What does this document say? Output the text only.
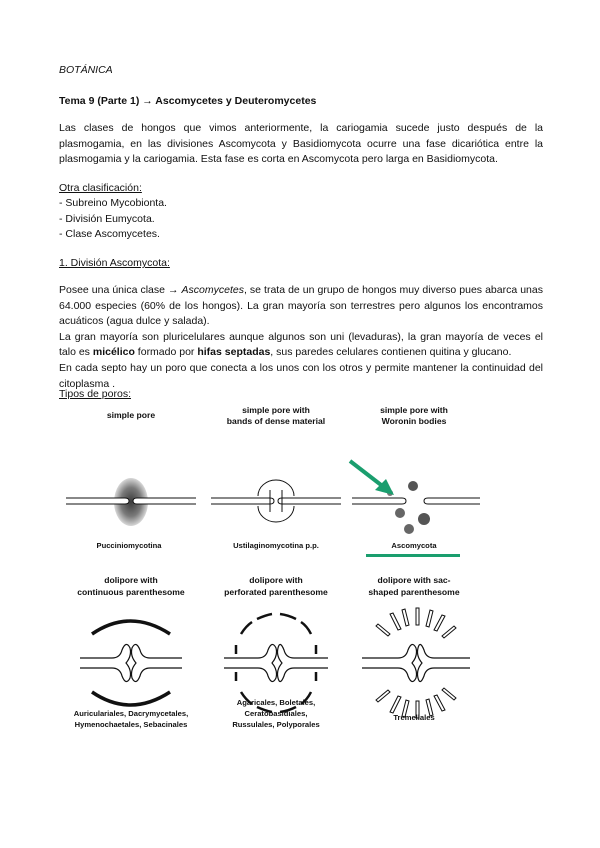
BOTÁNICA
Tema 9 (Parte 1) → Ascomycetes y Deuteromycetes

Las clases de hongos que vimos anteriormente, la cariogamia sucede justo después de la plasmogamia, en las divisiones Ascomycota y Basidiomycota ocurre una fase dicariótica entre la plasmogamia y la cariogamia. Esta fase es corta en Ascomycota pero larga en Basidiomycota.

Otra clasificación:
- Subreino Mycobionta.
- División Eumycota.
- Clase Ascomycetes.
1. División Ascomycota:

Posee una única clase → Ascomycetes, se trata de un grupo de hongos muy diverso pues abarca unas 64.000 especies (60% de los hongos). La gran mayoría son terrestres pero algunos los encontramos acuáticos (agua dulce y salada).

La gran mayoría son pluricelulares aunque algunos son uni (levaduras), la gran mayoría de veces el talo es micélico formado por hifas septadas, sus paredes celulares contienen quitina y glucano.

En cada septo hay un poro que conecta a los unos con los otros y permite mantener la continuidad del citoplasma .

Tipos de poros:
simple pore	simple pore with
bands of dense material
simple pore with
Woronin bodies
Pucciniomycotina	Ustilaginomycotina p.p.	Ascomycota
dolipore with
continuous parenthesome
dolipore with
perforated parenthesome
dolipore with sac-
shaped parenthesome
Auriculariales, Dacrymycetales,
Hymenochaetales, Sebacinales
Agaricales, Boletales,
Ceratobasidiales,
Russulales, Polyporales
Tremellales
